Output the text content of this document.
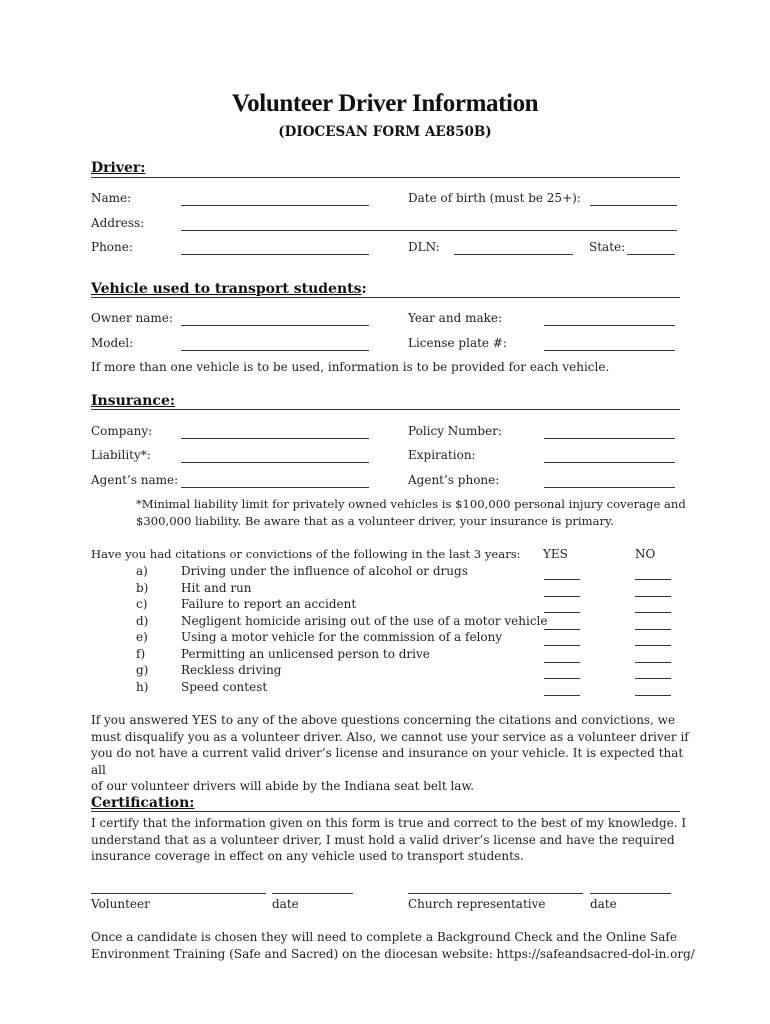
Volunteer Driver Information
(DIOCESAN FORM AE850B)
Driver:
Name:	Date of birth (must be 25+):
Address:
Phone:	DLN:	State:
Vehicle used to transport students:
Owner name:	Year and make:
Model:	License plate #:
If more than one vehicle is to be used, information is to be provided for each vehicle.
Insurance:
Company:	Policy Number:
Liability*:	Expiration:
Agent’s name:	Agent’s phone:
*Minimal liability limit for privately owned vehicles is $100,000 personal injury coverage and
$300,000 liability. Be aware that as a volunteer driver, your insurance is primary.
Have you had citations or convictions of the following in the last 3 years: YES	NO
a)	Driving under the influence of alcohol or drugs
b)	Hit and run
c)	Failure to report an accident
d)	Negligent homicide arising out of the use of a motor vehicle
e)	Using a motor vehicle for the commission of a felony
f)	Permitting an unlicensed person to drive
g)	Reckless driving
h)	Speed contest
If you answered YES to any of the above questions concerning the citations and convictions, we
must disqualify you as a volunteer driver. Also, we cannot use your service as a volunteer driver if
you do not have a current valid driver’s license and insurance on your vehicle. It is expected that all
of our volunteer drivers will abide by the Indiana seat belt law.
Certification:
I certify that the information given on this form is true and correct to the best of my knowledge. I
understand that as a volunteer driver, I must hold a valid driver’s license and have the required
insurance coverage in effect on any vehicle used to transport students.
Volunteer	date	Church representative	date
Once a candidate is chosen they will need to complete a Background Check and the Online Safe
Environment Training (Safe and Sacred) on the diocesan website: https://safeandsacred-dol-in.org/
